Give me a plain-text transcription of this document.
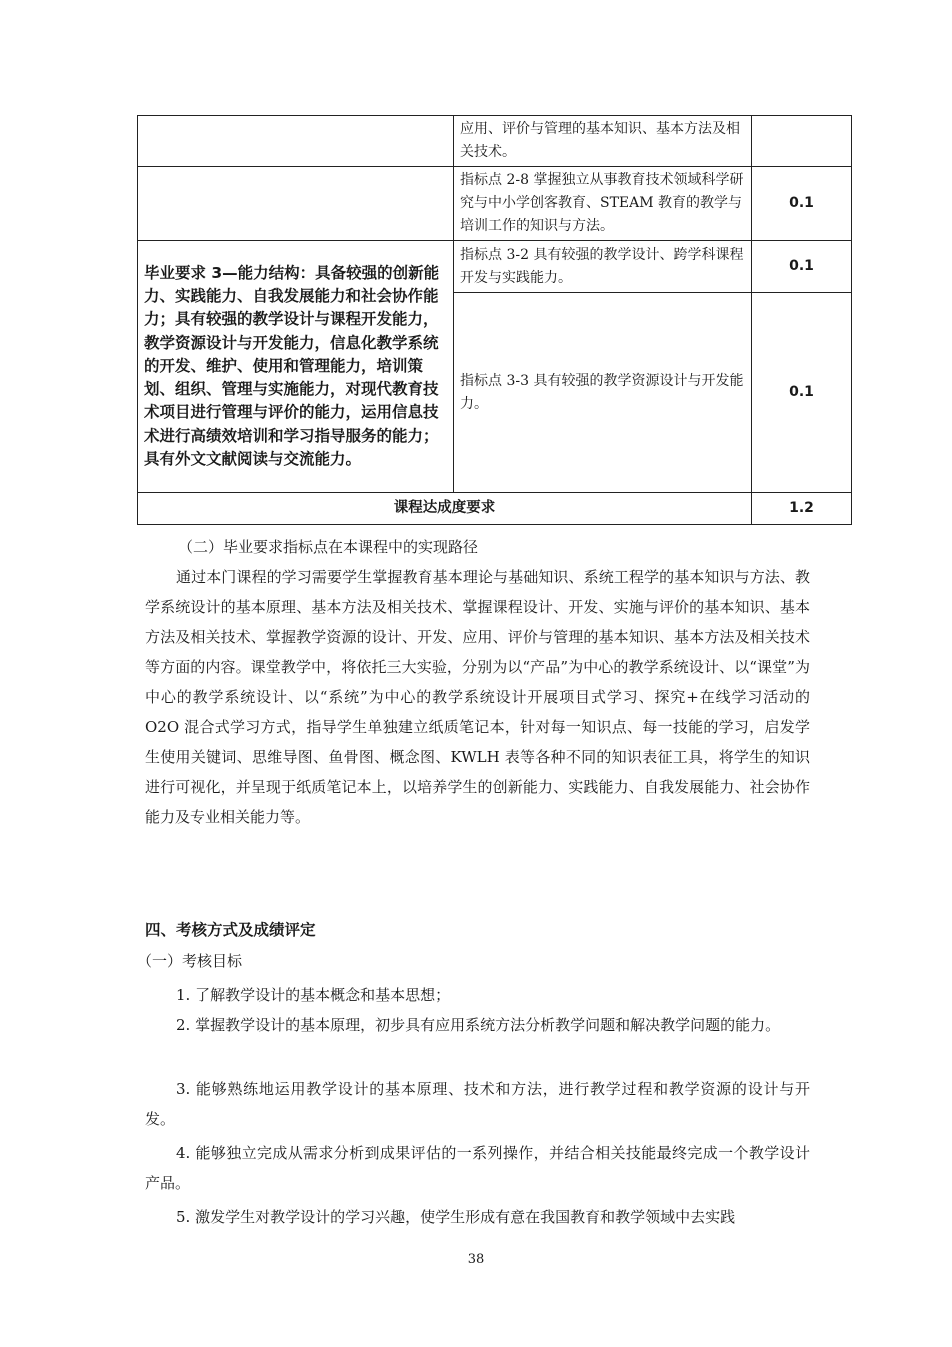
	应用、评价与管理的基本知识、基本方法及相关技术。	
	指标点 2-8 掌握独立从事教育技术领域科学研究与中小学创客教育、STEAM 教育的教学与培训工作的知识与方法。	0.1
毕业要求 3—能力结构：具备较强的创新能力、实践能力、自我发展能力和社会协作能力；具有较强的教学设计与课程开发能力，教学资源设计与开发能力，信息化教学系统的开发、维护、使用和管理能力，培训策划、组织、管理与实施能力，对现代教育技术项目进行管理与评价的能力，运用信息技术进行高绩效培训和学习指导服务的能力；具有外文文献阅读与交流能力。	指标点 3-2 具有较强的教学设计、跨学科课程开发与实践能力。	0.1
	指标点 3-3 具有较强的教学资源设计与开发能力。	0.1
课程达成度要求		1.2
（二）毕业要求指标点在本课程中的实现路径
通过本门课程的学习需要学生掌握教育基本理论与基础知识、系统工程学的基本知识与方法、教学系统设计的基本原理、基本方法及相关技术、掌握课程设计、开发、实施与评价的基本知识、基本方法及相关技术、掌握教学资源的设计、开发、应用、评价与管理的基本知识、基本方法及相关技术等方面的内容。课堂教学中，将依托三大实验，分别为以“产品”为中心的教学系统设计、以“课堂”为中心的教学系统设计、以“系统”为中心的教学系统设计开展项目式学习、探究+在线学习活动的 O2O 混合式学习方式，指导学生单独建立纸质笔记本，针对每一知识点、每一技能的学习，启发学生使用关键词、思维导图、鱼骨图、概念图、KWLH 表等各种不同的知识表征工具，将学生的知识进行可视化，并呈现于纸质笔记本上，以培养学生的创新能力、实践能力、自我发展能力、社会协作能力及专业相关能力等。
四、考核方式及成绩评定
（一）考核目标
1. 了解教学设计的基本概念和基本思想；
2. 掌握教学设计的基本原理，初步具有应用系统方法分析教学问题和解决教学问题的能力。
3. 能够熟练地运用教学设计的基本原理、技术和方法，进行教学过程和教学资源的设计与开发。
4. 能够独立完成从需求分析到成果评估的一系列操作，并结合相关技能最终完成一个教学设计产品。
5. 激发学生对教学设计的学习兴趣，使学生形成有意在我国教育和教学领域中去实践
38
